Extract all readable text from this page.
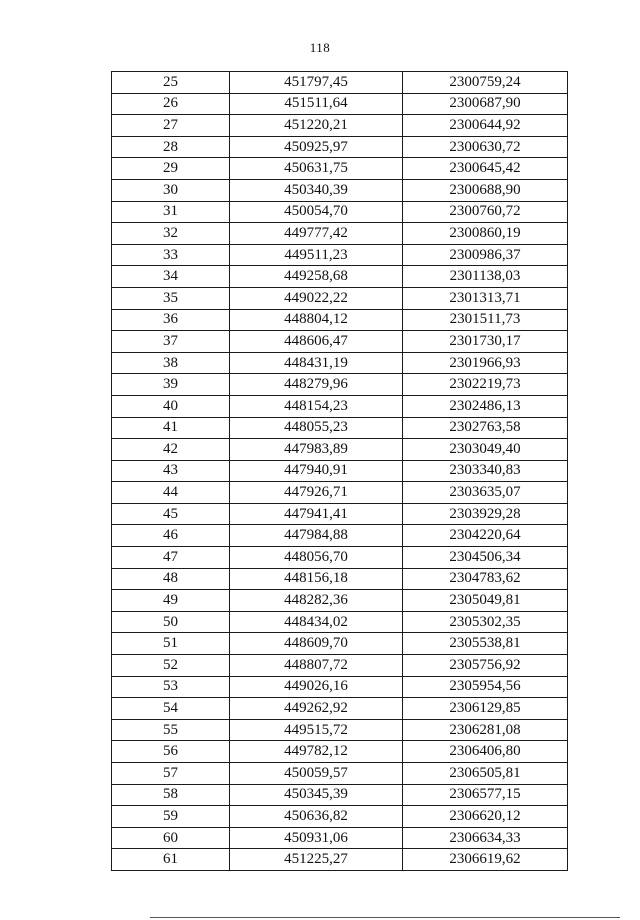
118
25	451797,45	2300759,24
26	451511,64	2300687,90
27	451220,21	2300644,92
28	450925,97	2300630,72
29	450631,75	2300645,42
30	450340,39	2300688,90
31	450054,70	2300760,72
32	449777,42	2300860,19
33	449511,23	2300986,37
34	449258,68	2301138,03
35	449022,22	2301313,71
36	448804,12	2301511,73
37	448606,47	2301730,17
38	448431,19	2301966,93
39	448279,96	2302219,73
40	448154,23	2302486,13
41	448055,23	2302763,58
42	447983,89	2303049,40
43	447940,91	2303340,83
44	447926,71	2303635,07
45	447941,41	2303929,28
46	447984,88	2304220,64
47	448056,70	2304506,34
48	448156,18	2304783,62
49	448282,36	2305049,81
50	448434,02	2305302,35
51	448609,70	2305538,81
52	448807,72	2305756,92
53	449026,16	2305954,56
54	449262,92	2306129,85
55	449515,72	2306281,08
56	449782,12	2306406,80
57	450059,57	2306505,81
58	450345,39	2306577,15
59	450636,82	2306620,12
60	450931,06	2306634,33
61	451225,27	2306619,62
